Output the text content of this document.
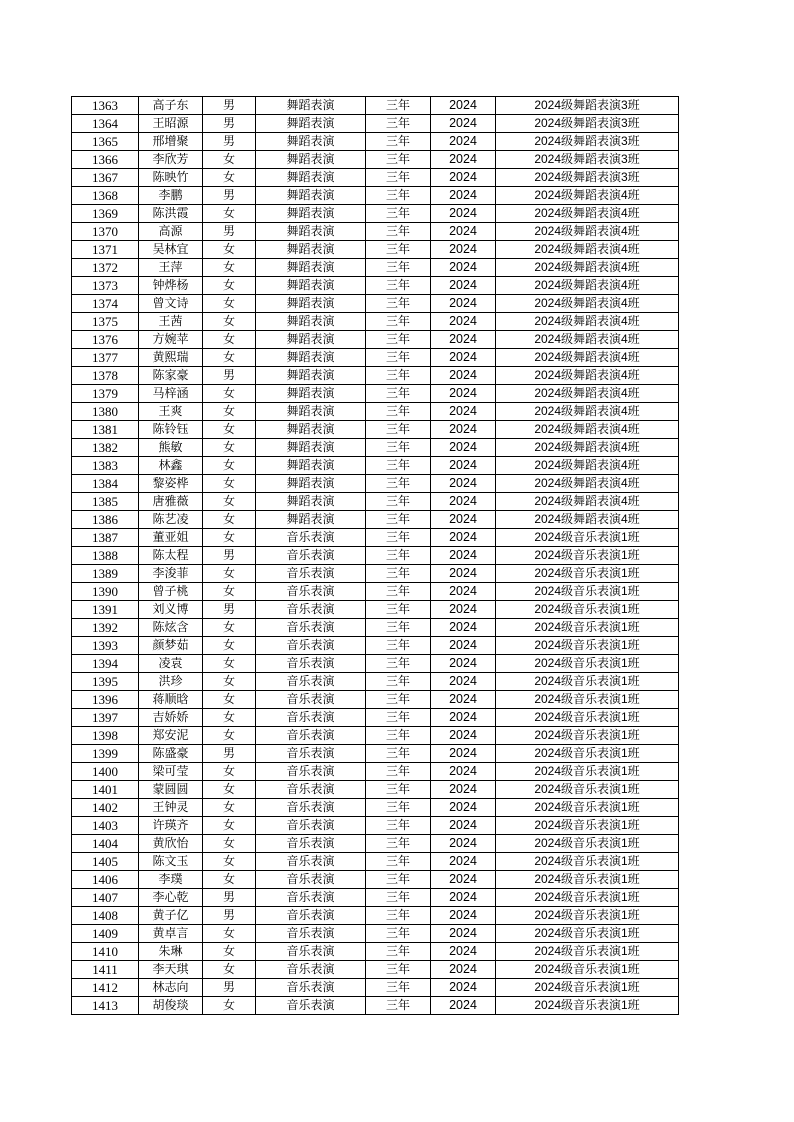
1363	高子东	男	舞蹈表演	三年	2024	2024级舞蹈表演3班
1364	王昭源	男	舞蹈表演	三年	2024	2024级舞蹈表演3班
1365	邢增聚	男	舞蹈表演	三年	2024	2024级舞蹈表演3班
1366	李欣芳	女	舞蹈表演	三年	2024	2024级舞蹈表演3班
1367	陈映竹	女	舞蹈表演	三年	2024	2024级舞蹈表演3班
1368	李鹏	男	舞蹈表演	三年	2024	2024级舞蹈表演4班
1369	陈洪霞	女	舞蹈表演	三年	2024	2024级舞蹈表演4班
1370	高源	男	舞蹈表演	三年	2024	2024级舞蹈表演4班
1371	吴林宜	女	舞蹈表演	三年	2024	2024级舞蹈表演4班
1372	王萍	女	舞蹈表演	三年	2024	2024级舞蹈表演4班
1373	钟烨杨	女	舞蹈表演	三年	2024	2024级舞蹈表演4班
1374	曾文诗	女	舞蹈表演	三年	2024	2024级舞蹈表演4班
1375	王茜	女	舞蹈表演	三年	2024	2024级舞蹈表演4班
1376	方婉苹	女	舞蹈表演	三年	2024	2024级舞蹈表演4班
1377	黄熙瑞	女	舞蹈表演	三年	2024	2024级舞蹈表演4班
1378	陈家豪	男	舞蹈表演	三年	2024	2024级舞蹈表演4班
1379	马梓涵	女	舞蹈表演	三年	2024	2024级舞蹈表演4班
1380	王爽	女	舞蹈表演	三年	2024	2024级舞蹈表演4班
1381	陈铃钰	女	舞蹈表演	三年	2024	2024级舞蹈表演4班
1382	熊敏	女	舞蹈表演	三年	2024	2024级舞蹈表演4班
1383	林鑫	女	舞蹈表演	三年	2024	2024级舞蹈表演4班
1384	黎姿桦	女	舞蹈表演	三年	2024	2024级舞蹈表演4班
1385	唐雅薇	女	舞蹈表演	三年	2024	2024级舞蹈表演4班
1386	陈艺凌	女	舞蹈表演	三年	2024	2024级舞蹈表演4班
1387	董亚姐	女	音乐表演	三年	2024	2024级音乐表演1班
1388	陈太程	男	音乐表演	三年	2024	2024级音乐表演1班
1389	李浚菲	女	音乐表演	三年	2024	2024级音乐表演1班
1390	曾子桃	女	音乐表演	三年	2024	2024级音乐表演1班
1391	刘义博	男	音乐表演	三年	2024	2024级音乐表演1班
1392	陈炫含	女	音乐表演	三年	2024	2024级音乐表演1班
1393	颜梦茹	女	音乐表演	三年	2024	2024级音乐表演1班
1394	凌袁	女	音乐表演	三年	2024	2024级音乐表演1班
1395	洪珍	女	音乐表演	三年	2024	2024级音乐表演1班
1396	蒋顺晗	女	音乐表演	三年	2024	2024级音乐表演1班
1397	吉娇娇	女	音乐表演	三年	2024	2024级音乐表演1班
1398	郑安泥	女	音乐表演	三年	2024	2024级音乐表演1班
1399	陈盛豪	男	音乐表演	三年	2024	2024级音乐表演1班
1400	梁可莹	女	音乐表演	三年	2024	2024级音乐表演1班
1401	蒙圆圆	女	音乐表演	三年	2024	2024级音乐表演1班
1402	王钟灵	女	音乐表演	三年	2024	2024级音乐表演1班
1403	许瑛齐	女	音乐表演	三年	2024	2024级音乐表演1班
1404	黄欣怡	女	音乐表演	三年	2024	2024级音乐表演1班
1405	陈文玉	女	音乐表演	三年	2024	2024级音乐表演1班
1406	李璞	女	音乐表演	三年	2024	2024级音乐表演1班
1407	李心乾	男	音乐表演	三年	2024	2024级音乐表演1班
1408	黄子亿	男	音乐表演	三年	2024	2024级音乐表演1班
1409	黄卓言	女	音乐表演	三年	2024	2024级音乐表演1班
1410	朱琳	女	音乐表演	三年	2024	2024级音乐表演1班
1411	李天琪	女	音乐表演	三年	2024	2024级音乐表演1班
1412	林志向	男	音乐表演	三年	2024	2024级音乐表演1班
1413	胡俊琰	女	音乐表演	三年	2024	2024级音乐表演1班
